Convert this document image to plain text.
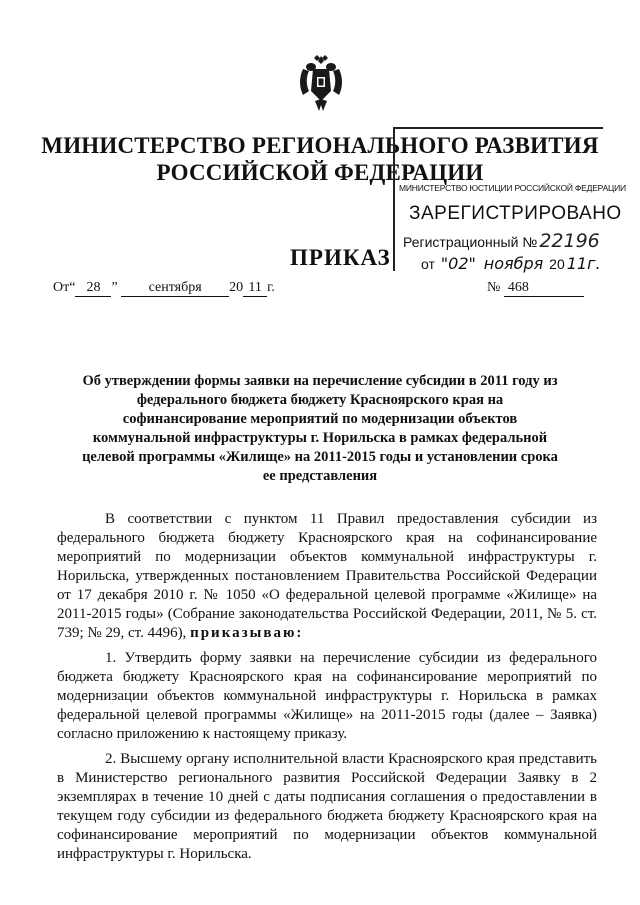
МИНИСТЕРСТВО РЕГИОНАЛЬНОГО РАЗВИТИЯ
РОССИЙСКОЙ ФЕДЕРАЦИИ
МИНИСТЕРСТВО ЮСТИЦИИ РОССИЙСКОЙ ФЕДЕРАЦИИ
ЗАРЕГИСТРИРОВАНО
Регистрационный № 22196
от "02" ноября 20 11г.
ПРИКАЗ
От“ 28 ” сентября 20 11 г.	№ 468
Об утверждении формы заявки на перечисление субсидии в 2011 году из федерального бюджета бюджету Красноярского края на софинансирование мероприятий по модернизации объектов коммунальной инфраструктуры г. Норильска в рамках федеральной целевой программы «Жилище» на 2011-2015 годы и установлении срока ее представления

В соответствии с пунктом 11 Правил предоставления субсидии из федерального бюджета бюджету Красноярского края на софинансирование мероприятий по модернизации объектов коммунальной инфраструктуры г. Норильска, утвержденных постановлением Правительства Российской Федерации от 17 декабря 2010 г. № 1050 «О федеральной целевой программе «Жилище» на 2011-2015 годы» (Собрание законодательства Российской Федерации, 2011, № 5. ст. 739; № 29, ст. 4496), приказываю:

1. Утвердить форму заявки на перечисление субсидии из федерального бюджета бюджету Красноярского края на софинансирование мероприятий по модернизации объектов коммунальной инфраструктуры г. Норильска в рамках федеральной целевой программы «Жилище» на 2011-2015 годы (далее – Заявка) согласно приложению к настоящему приказу.

2. Высшему органу исполнительной власти Красноярского края представить в Министерство регионального развития Российской Федерации Заявку в 2 экземплярах в течение 10 дней с даты подписания соглашения о предоставлении в текущем году субсидии из федерального бюджета бюджету Красноярского края на софинансирование мероприятий по модернизации объектов коммунальной инфраструктуры г. Норильска.
